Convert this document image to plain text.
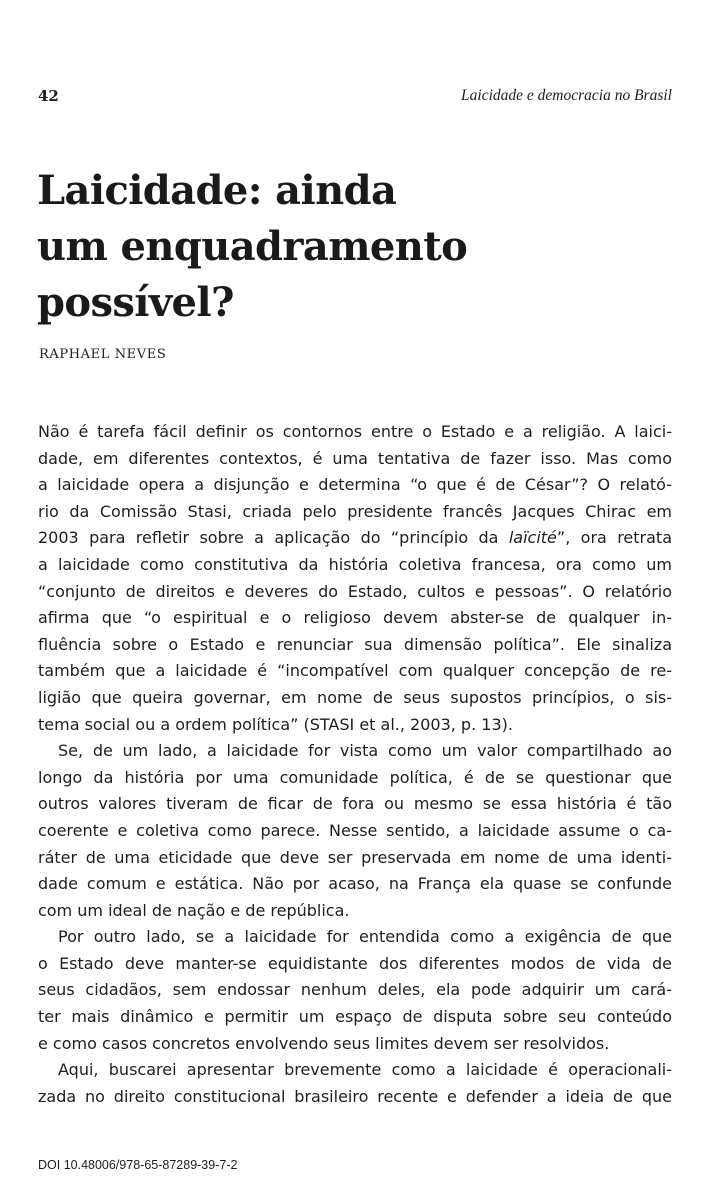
42	Laicidade e democracia no Brasil
Laicidade: ainda
um enquadramento
possível?
RAPHAEL NEVES

Não é tarefa fácil definir os contornos entre o Estado e a religião. A laici-
dade, em diferentes contextos, é uma tentativa de fazer isso. Mas como
a laicidade opera a disjunção e determina “o que é de César”? O relató-
rio da Comissão Stasi, criada pelo presidente francês Jacques Chirac em
2003 para refletir sobre a aplicação do “princípio da laïcité”, ora retrata
a laicidade como constitutiva da história coletiva francesa, ora como um
“conjunto de direitos e deveres do Estado, cultos e pessoas”. O relatório
afirma que “o espiritual e o religioso devem abster-se de qualquer in-
fluência sobre o Estado e renunciar sua dimensão política”. Ele sinaliza
também que a laicidade é “incompatível com qualquer concepção de re-
ligião que queira governar, em nome de seus supostos princípios, o sis-
tema social ou a ordem política” (STASI et al., 2003, p. 13).

Se, de um lado, a laicidade for vista como um valor compartilhado ao
longo da história por uma comunidade política, é de se questionar que
outros valores tiveram de ficar de fora ou mesmo se essa história é tão
coerente e coletiva como parece. Nesse sentido, a laicidade assume o ca-
ráter de uma eticidade que deve ser preservada em nome de uma identi-
dade comum e estática. Não por acaso, na França ela quase se confunde
com um ideal de nação e de república.

Por outro lado, se a laicidade for entendida como a exigência de que
o Estado deve manter-se equidistante dos diferentes modos de vida de
seus cidadãos, sem endossar nenhum deles, ela pode adquirir um cará-
ter mais dinâmico e permitir um espaço de disputa sobre seu conteúdo
e como casos concretos envolvendo seus limites devem ser resolvidos.

Aqui, buscarei apresentar brevemente como a laicidade é operacionali-
zada no direito constitucional brasileiro recente e defender a ideia de que

DOI 10.48006/978-65-87289-39-7-2
